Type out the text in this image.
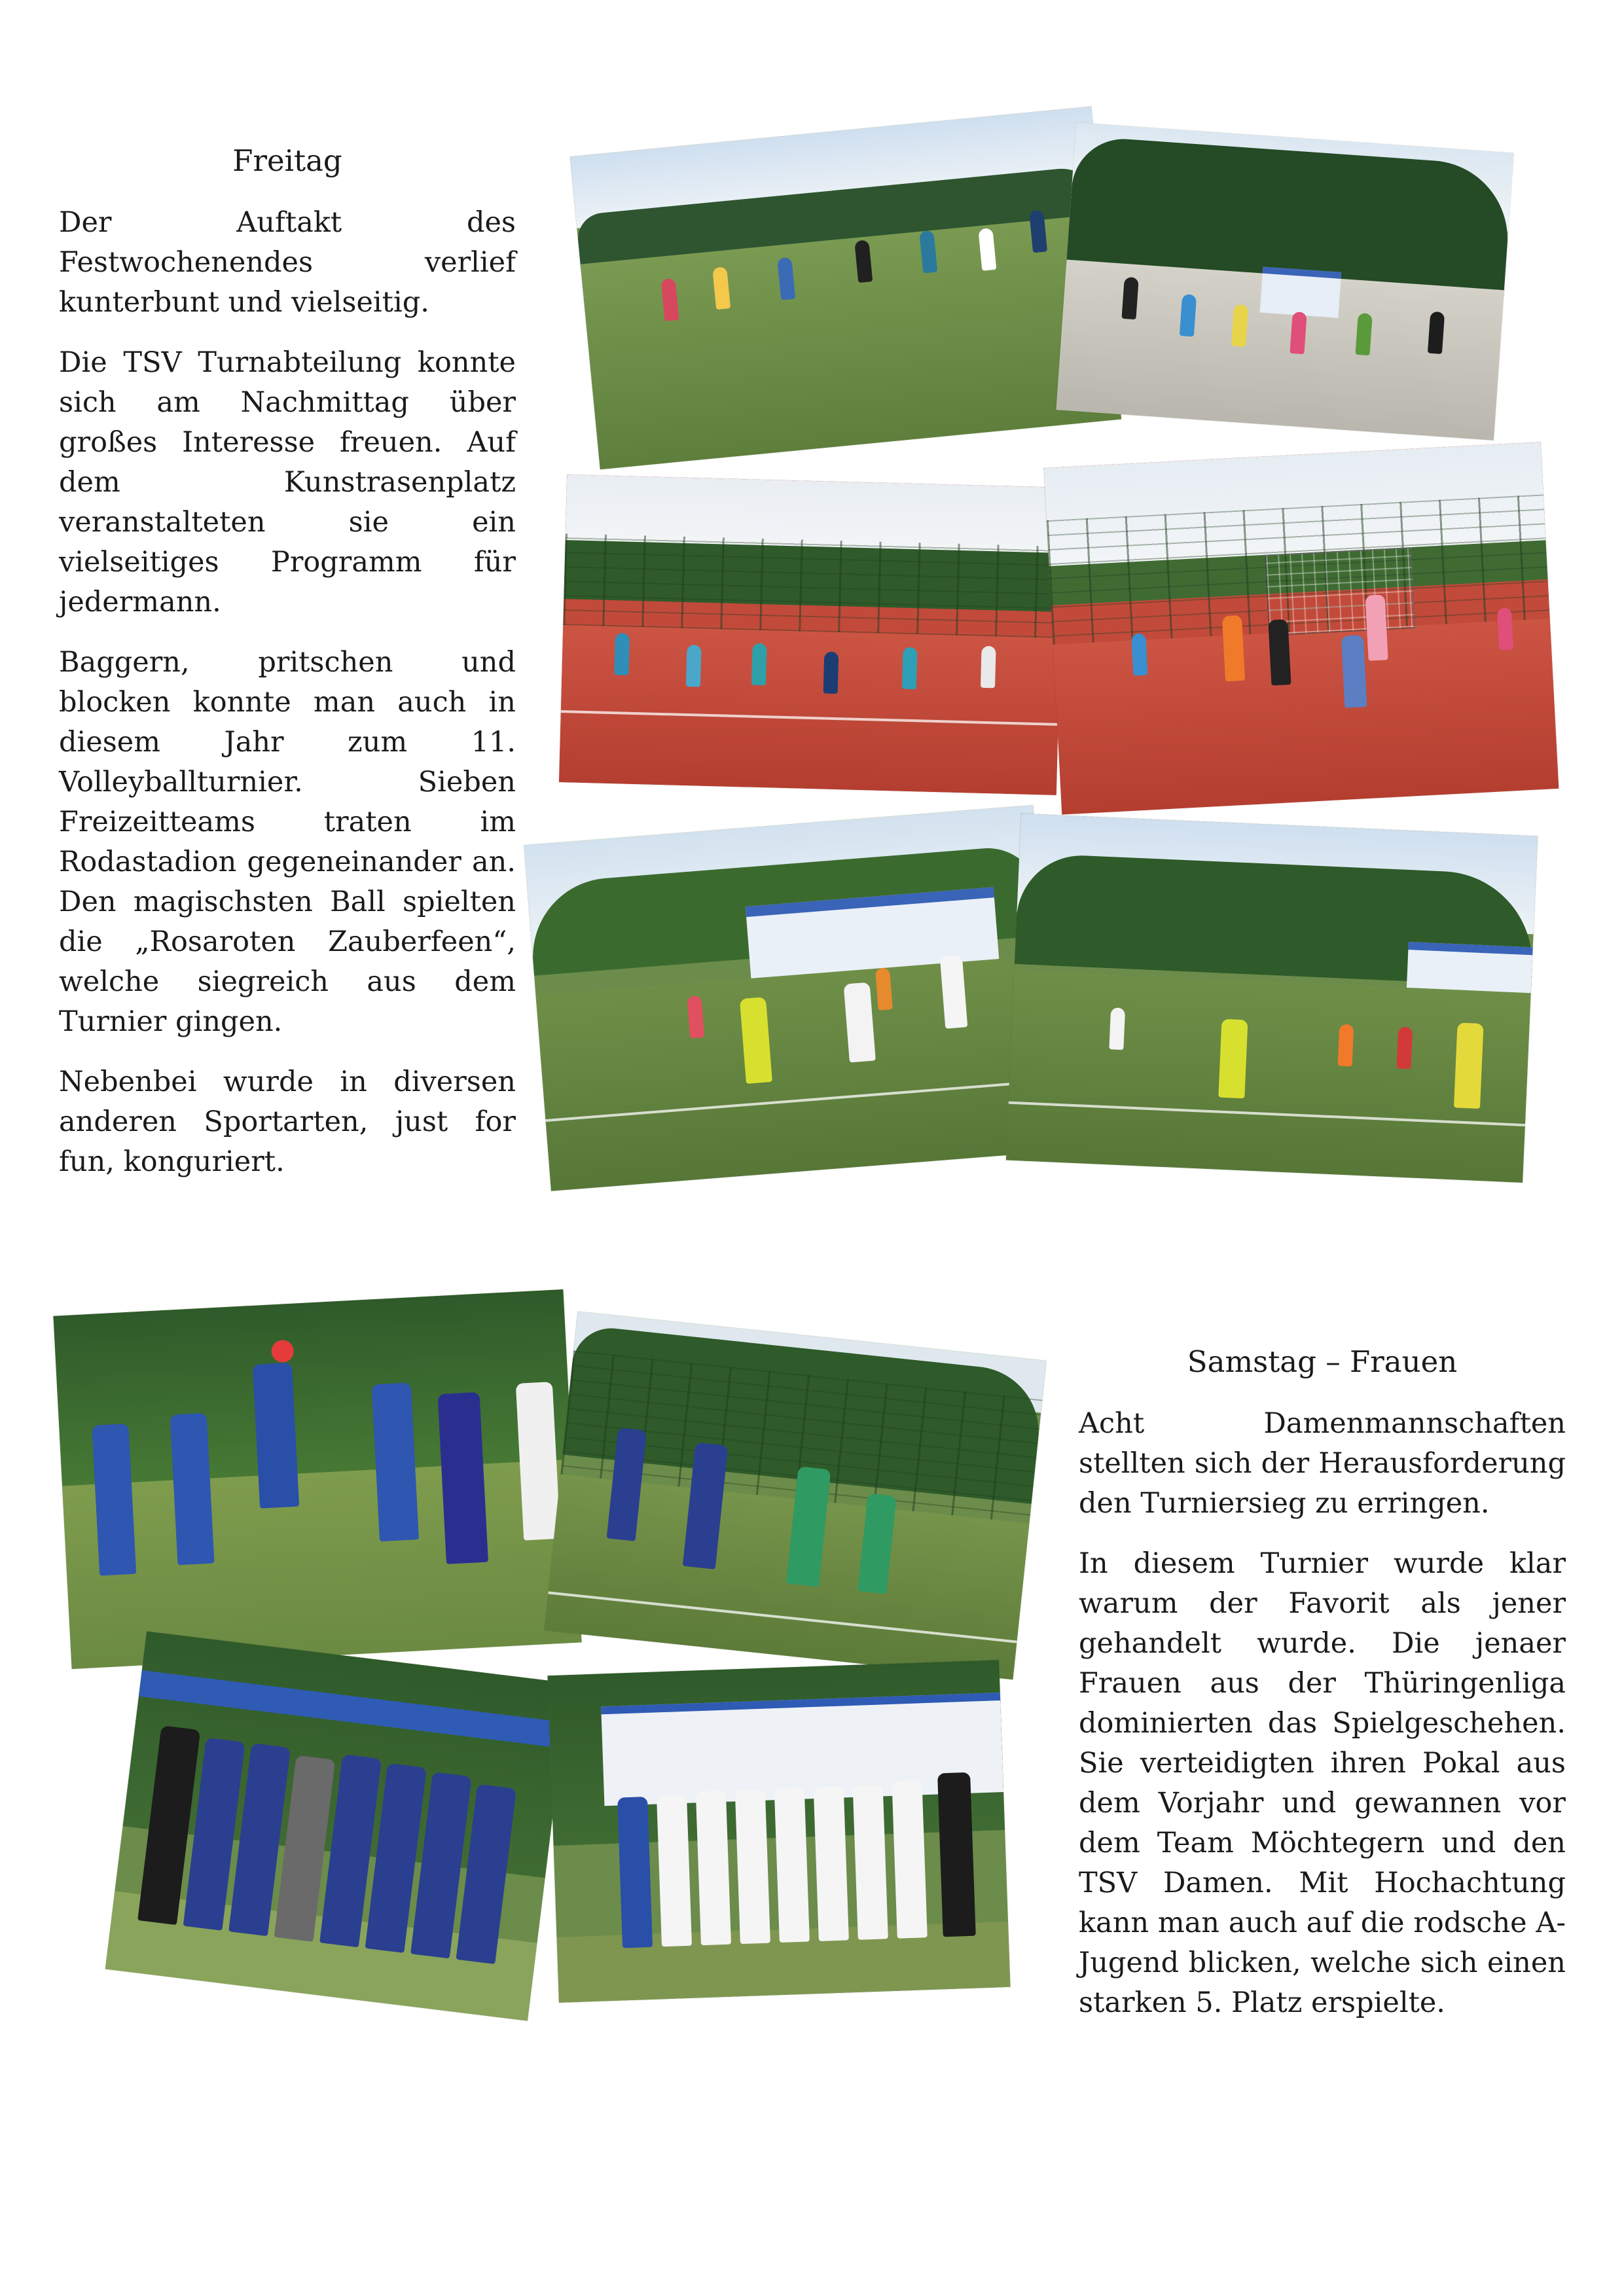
Freitag

Der Auftakt des Festwochenendes verlief kunterbunt und vielseitig.

Die TSV Turnabteilung konnte sich am Nachmittag über großes Interesse freuen. Auf dem Kunstrasenplatz veranstalteten sie ein vielseitiges Programm für jedermann.

Baggern, pritschen und blocken konnte man auch in diesem Jahr zum 11. Volleyballturnier. Sieben Freizeitteams traten im Rodastadion gegeneinander an. Den magischsten Ball spielten die „Rosaroten Zauberfeen“, welche siegreich aus dem Turnier gingen.

Nebenbei wurde in diversen anderen Sportarten, just for fun, konguriert.

Samstag – Frauen

Acht Damenmannschaften stellten sich der Herausforderung den Turniersieg zu erringen.

In diesem Turnier wurde klar warum der Favorit als jener gehandelt wurde. Die jenaer Frauen aus der Thüringenliga dominierten das Spielgeschehen. Sie verteidigten ihren Pokal aus dem Vorjahr und gewannen vor dem Team Möchtegern und den TSV Damen. Mit Hochachtung kann man auch auf die rodsche A-Jugend blicken, welche sich einen starken 5. Platz erspielte.
